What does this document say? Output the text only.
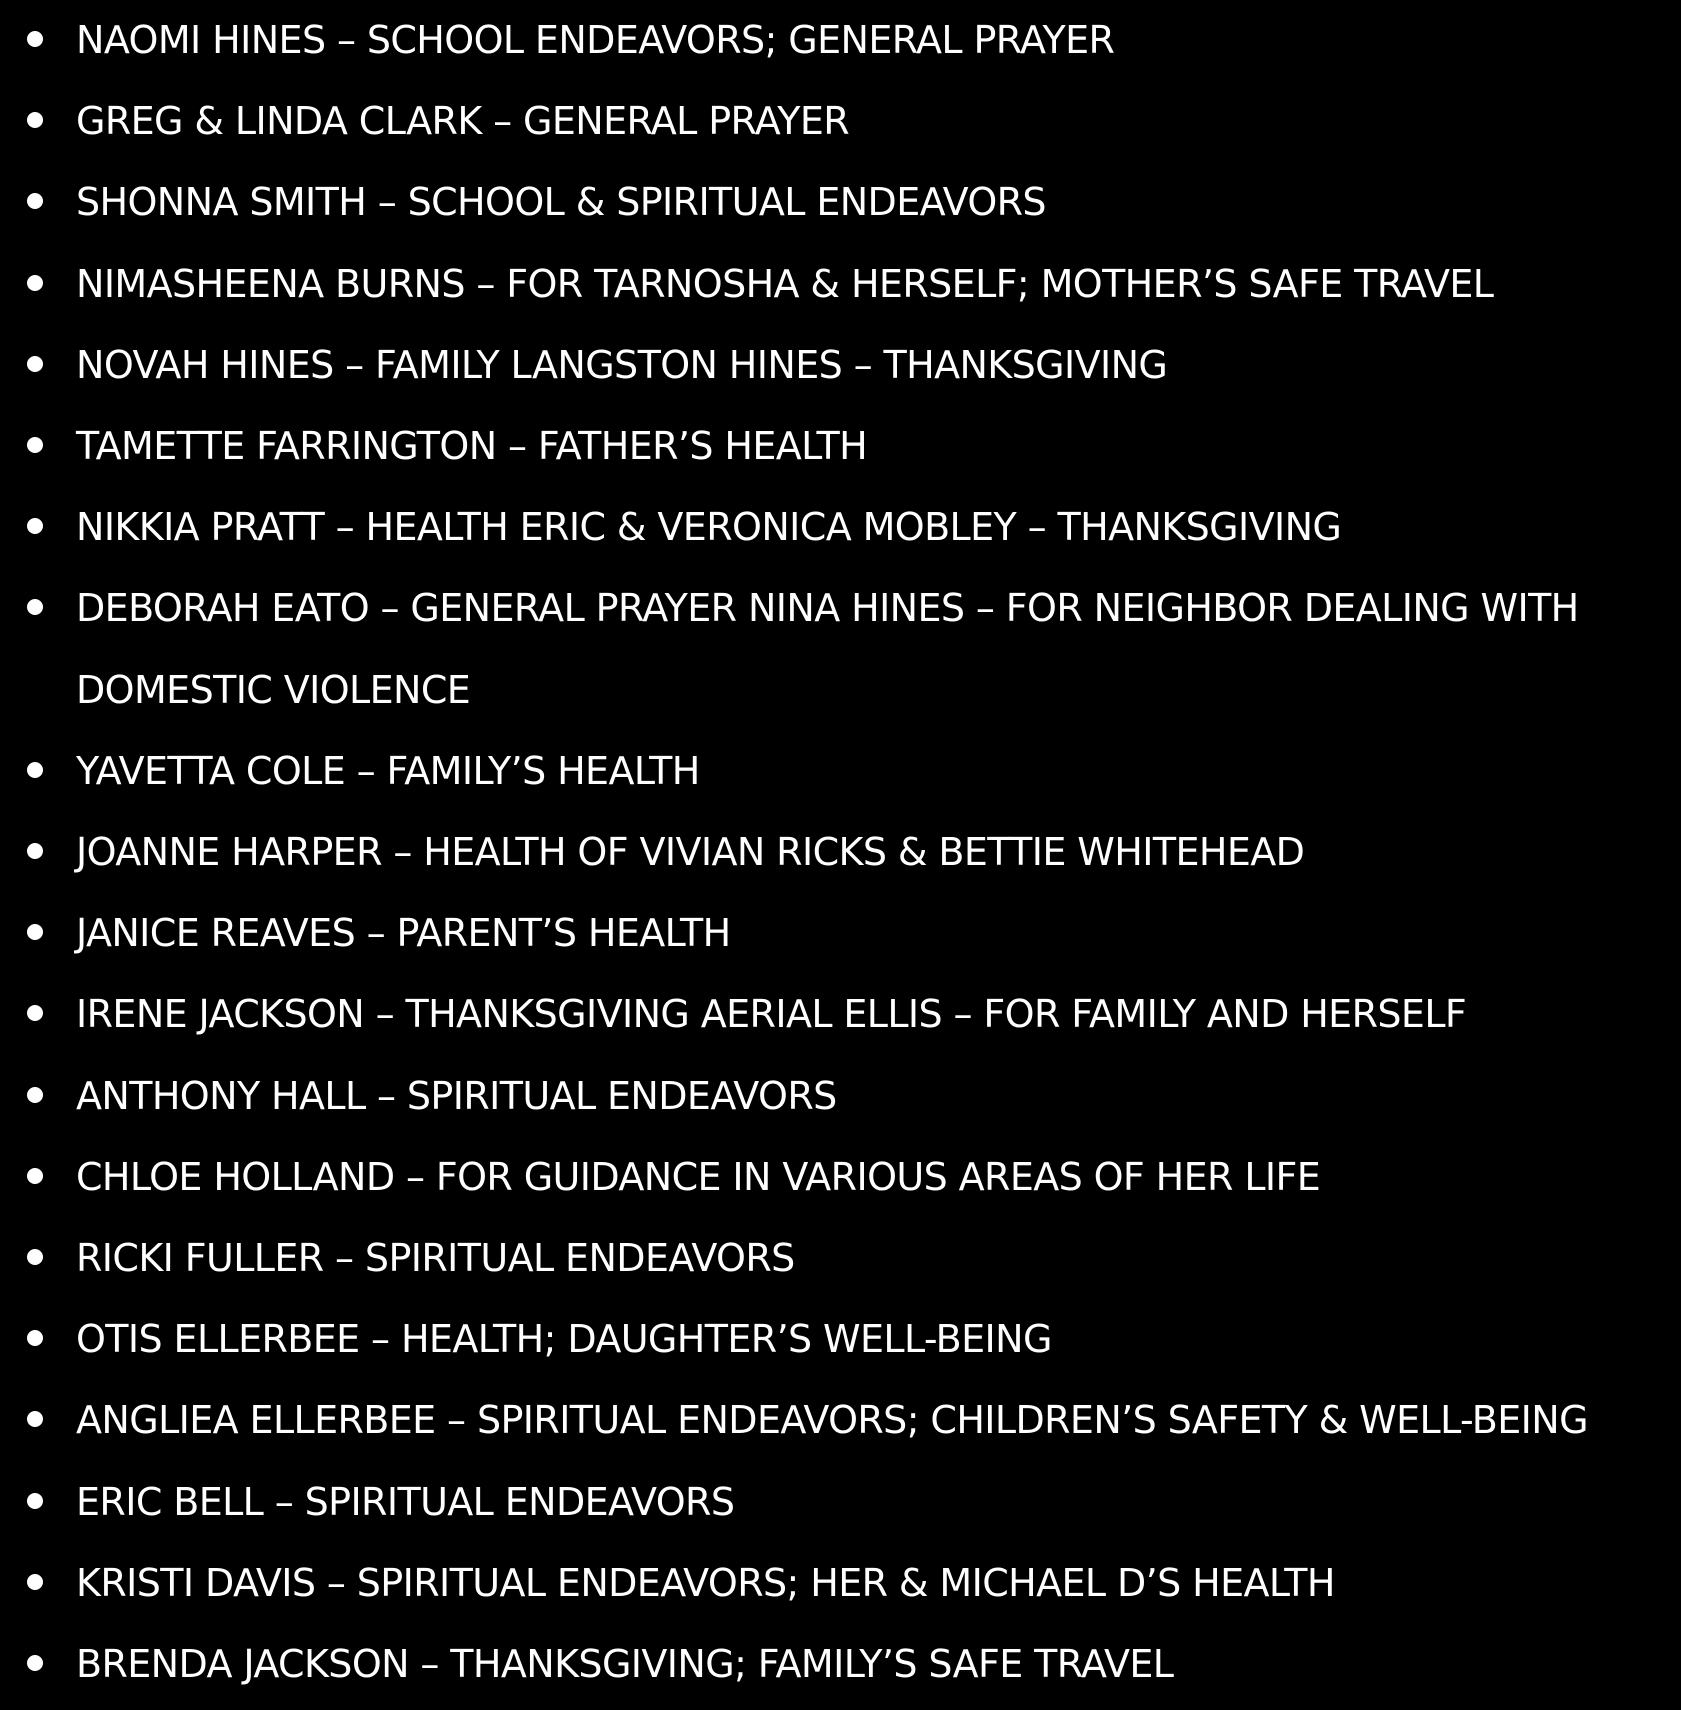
NAOMI HINES – SCHOOL ENDEAVORS; GENERAL PRAYER
GREG & LINDA CLARK – GENERAL PRAYER
SHONNA SMITH – SCHOOL & SPIRITUAL ENDEAVORS
NIMASHEENA BURNS – FOR TARNOSHA & HERSELF; MOTHER’S SAFE TRAVEL
NOVAH HINES – FAMILY LANGSTON HINES – THANKSGIVING
TAMETTE FARRINGTON – FATHER’S HEALTH
NIKKIA PRATT – HEALTH ERIC & VERONICA MOBLEY – THANKSGIVING
DEBORAH EATO – GENERAL PRAYER NINA HINES – FOR NEIGHBOR DEALING WITH DOMESTIC VIOLENCE
YAVETTA COLE – FAMILY’S HEALTH
JOANNE HARPER – HEALTH OF VIVIAN RICKS & BETTIE WHITEHEAD
JANICE REAVES – PARENT’S HEALTH
IRENE JACKSON – THANKSGIVING AERIAL ELLIS – FOR FAMILY AND HERSELF
ANTHONY HALL – SPIRITUAL ENDEAVORS
CHLOE HOLLAND – FOR GUIDANCE IN VARIOUS AREAS OF HER LIFE
RICKI FULLER – SPIRITUAL ENDEAVORS
OTIS ELLERBEE – HEALTH; DAUGHTER’S WELL-BEING
ANGLIEA ELLERBEE – SPIRITUAL ENDEAVORS; CHILDREN’S SAFETY & WELL-BEING
ERIC BELL – SPIRITUAL ENDEAVORS
KRISTI DAVIS – SPIRITUAL ENDEAVORS; HER & MICHAEL D’S HEALTH
BRENDA JACKSON – THANKSGIVING; FAMILY’S SAFE TRAVEL
